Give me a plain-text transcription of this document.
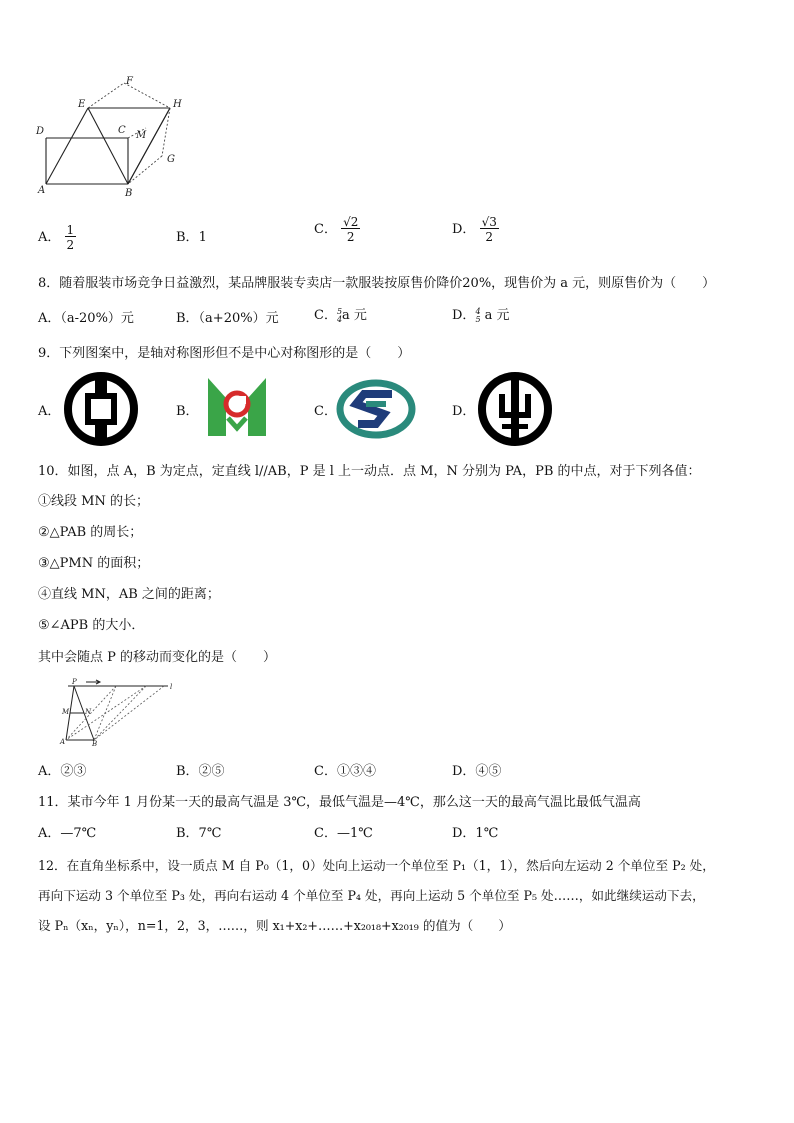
F
E	H
D	C M
G
A	B
A． $\frac{1}{2}$	B．1
C． $\frac{√2}{2}$	D． $\frac{√3}{2}$
8．随着服装市场竞争日益激烈，某品牌服装专卖店一款服装按原售价降价20%，现售价为 a 元，则原售价为（　　）
A．（a-20%）元	B．（a+20%）元	C． 5
4 a 元	D． 4
5 a 元
9．下列图案中，是轴对称图形但不是中心对称图形的是（　　）
A．	B．	C．	D．
10．如图，点 A，B 为定点，定直线 l//AB，P 是 l 上一动点．点 M，N 分别为 PA，PB 的中点，对于下列各值：
①线段 MN 的长；
②△PAB 的周长；
③△PMN 的面积；
④直线 MN，AB 之间的距离；
⑤∠APB 的大小．
其中会随点 P 的移动而变化的是（　　）
P
l
M N
A	B
A．②③	B．②⑤	C．①③④	D．④⑤
11．某市今年 1 月份某一天的最高气温是 3℃，最低气温是—4℃，那么这一天的最高气温比最低气温高
A．—7℃	B．7℃	C．—1℃	D．1℃
12．在直角坐标系中，设一质点 M 自 P₀（1，0）处向上运动一个单位至 P₁（1，1），然后向左运动 2 个单位至 P₂ 处，
再向下运动 3 个单位至 P₃ 处，再向右运动 4 个单位至 P₄ 处，再向上运动 5 个单位至 P₅ 处……，如此继续运动下去，
设 Pₙ（xₙ，yₙ），n=1，2，3，……，则 x₁+x₂+……+x₂₀₁₈+x₂₀₁₉ 的值为（　　）
